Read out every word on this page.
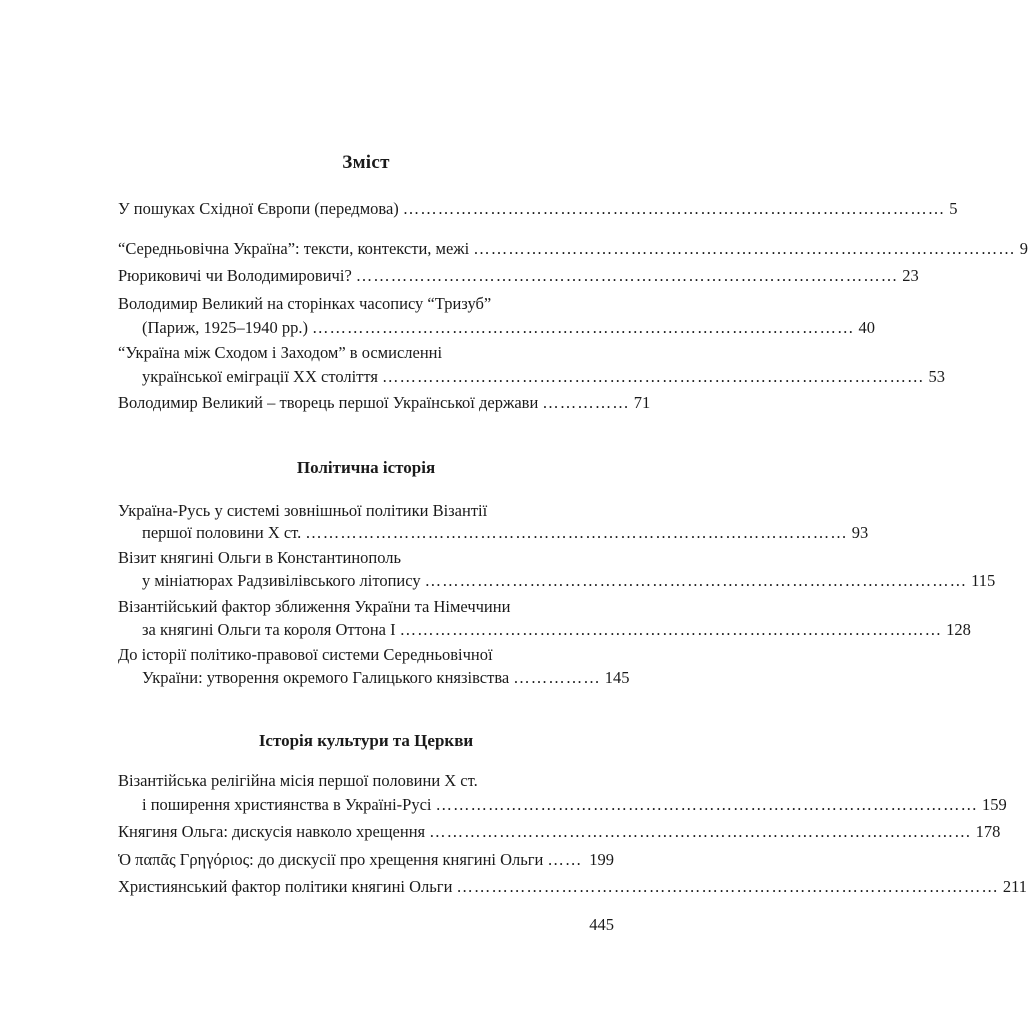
Зміст
У пошуках Східної Європи (передмова) ………………………………………………………………………………… 5
“Середньовічна Україна”: тексти, контексти, межі ………………………………………………………………………………… 9
Рюриковичі чи Володимировичі? ………………………………………………………………………………… 23
Володимир Великий на сторінках часопису “Тризуб”
(Париж, 1925–1940 рр.) ………………………………………………………………………………… 40
“Україна між Сходом і Заходом” в осмисленні
української еміграції ХХ століття ………………………………………………………………………………… 53
Володимир Великий – творець першої Української держави …………… 71
Політична історія
Україна-Русь у системі зовнішньої політики Візантії
першої половини X ст. ………………………………………………………………………………… 93
Візит княгині Ольги в Константинополь
у мініатюрах Радзивілівського літопису ………………………………………………………………………………… 115
Візантійський фактор зближення України та Німеччини
за княгині Ольги та короля Оттона І ………………………………………………………………………………… 128
До історії політико-правової системи Середньовічної
України: утворення окремого Галицького князівства …………… 145
Історія культури та Церкви
Візантійська релігійна місія першої половини X ст.
і поширення християнства в Україні-Русі ………………………………………………………………………………… 159
Княгиня Ольга: дискусія навколо хрещення ………………………………………………………………………………… 178
Ὁ παπᾶς Γρηγόριος: до дискусії про хрещення княгині Ольги …… 199
Християнський фактор політики княгині Ольги ………………………………………………………………………………… 211
445
